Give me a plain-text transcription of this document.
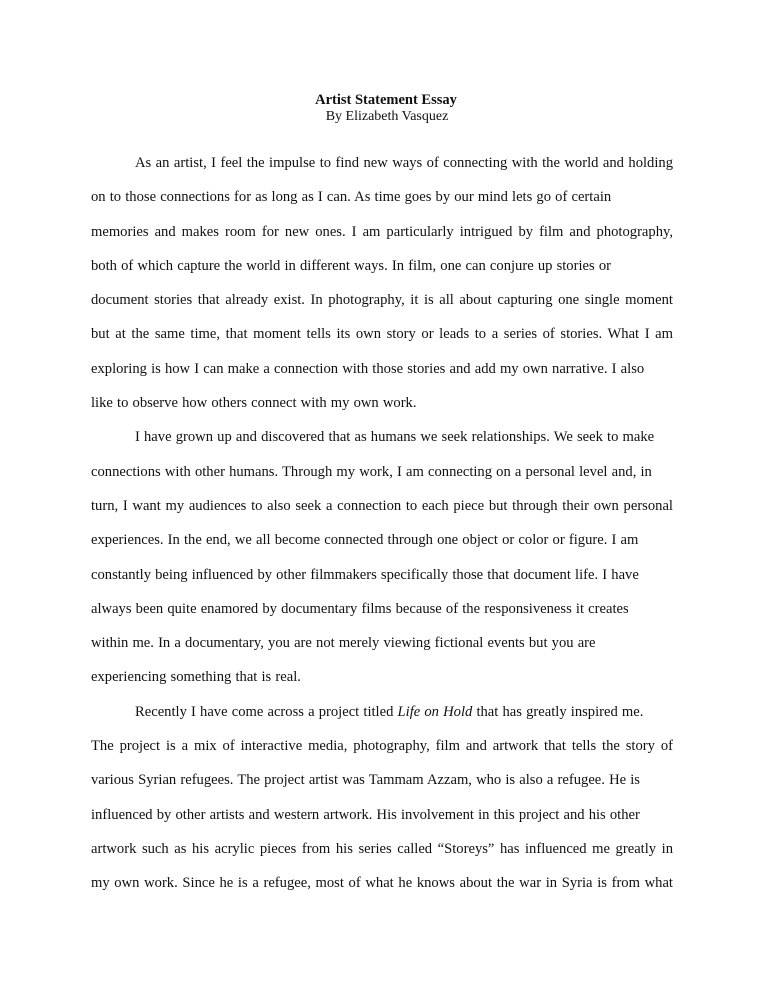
Artist Statement Essay
By Elizabeth Vasquez
As an artist, I feel the impulse to find new ways of connecting with the world and holding
on to those connections for as long as I can. As time goes by our mind lets go of certain
memories and makes room for new ones. I am particularly intrigued by film and photography,
both of which capture the world in different ways. In film, one can conjure up stories or
document stories that already exist. In photography, it is all about capturing one single moment
but at the same time, that moment tells its own story or leads to a series of stories. What I am
exploring is how I can make a connection with those stories and add my own narrative. I also
like to observe how others connect with my own work.
I have grown up and discovered that as humans we seek relationships. We seek to make
connections with other humans. Through my work, I am connecting on a personal level and, in
turn, I want my audiences to also seek a connection to each piece but through their own personal
experiences. In the end, we all become connected through one object or color or figure. I am
constantly being influenced by other filmmakers specifically those that document life. I have
always been quite enamored by documentary films because of the responsiveness it creates
within me. In a documentary, you are not merely viewing fictional events but you are
experiencing something that is real.
Recently I have come across a project titled Life on Hold that has greatly inspired me.
The project is a mix of interactive media, photography, film and artwork that tells the story of
various Syrian refugees. The project artist was Tammam Azzam, who is also a refugee. He is
influenced by other artists and western artwork. His involvement in this project and his other
artwork such as his acrylic pieces from his series called “Storeys” has influenced me greatly in
my own work. Since he is a refugee, most of what he knows about the war in Syria is from what
